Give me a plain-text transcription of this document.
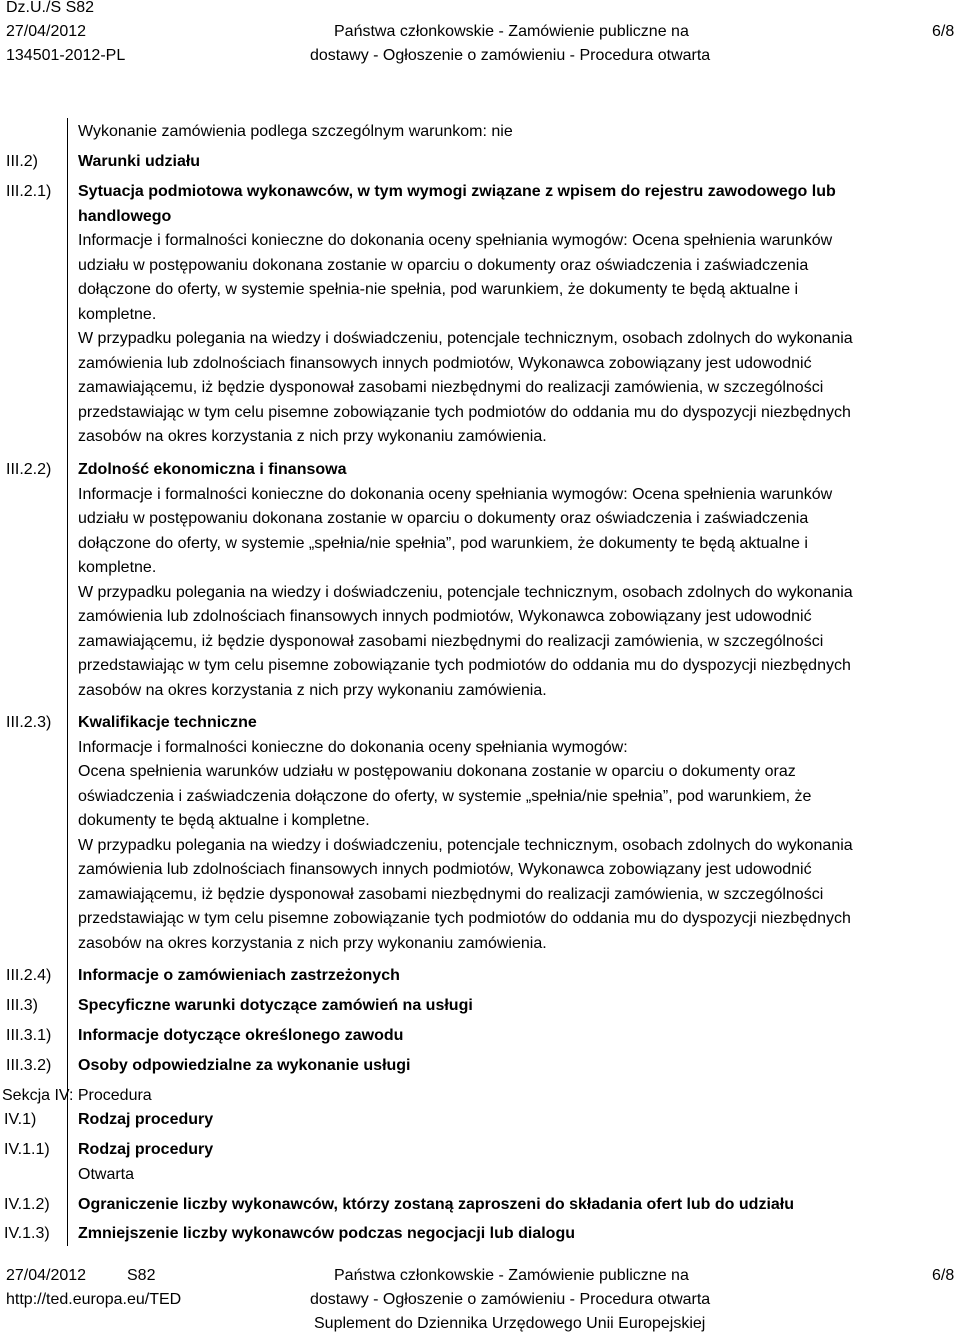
Dz.U./S S82
27/04/2012
134501-2012-PL
Państwa członkowskie - Zamówienie publiczne na
dostawy - Ogłoszenie o zamówieniu - Procedura otwarta
6/8
Wykonanie zamówienia podlega szczególnym warunkom: nie
III.2)	Warunki udziału
III.2.1)	Sytuacja podmiotowa wykonawców, w tym wymogi związane z wpisem do rejestru zawodowego lub

handlowego

Informacje i formalności konieczne do dokonania oceny spełniania wymogów: Ocena spełnienia warunków

udziału w postępowaniu dokonana zostanie w oparciu o dokumenty oraz oświadczenia i zaświadczenia

dołączone do oferty, w systemie spełnia-nie spełnia, pod warunkiem, że dokumenty te będą aktualne i

kompletne.

W przypadku polegania na wiedzy i doświadczeniu, potencjale technicznym, osobach zdolnych do wykonania

zamówienia lub zdolnościach finansowych innych podmiotów, Wykonawca zobowiązany jest udowodnić

zamawiającemu, iż będzie dysponował zasobami niezbędnymi do realizacji zamówienia, w szczególności

przedstawiając w tym celu pisemne zobowiązanie tych podmiotów do oddania mu do dyspozycji niezbędnych

zasobów na okres korzystania z nich przy wykonaniu zamówienia.

III.2.2)	Zdolność ekonomiczna i finansowa

Informacje i formalności konieczne do dokonania oceny spełniania wymogów: Ocena spełnienia warunków

udziału w postępowaniu dokonana zostanie w oparciu o dokumenty oraz oświadczenia i zaświadczenia

dołączone do oferty, w systemie „spełnia/nie spełnia”, pod warunkiem, że dokumenty te będą aktualne i

kompletne.

W przypadku polegania na wiedzy i doświadczeniu, potencjale technicznym, osobach zdolnych do wykonania

zamówienia lub zdolnościach finansowych innych podmiotów, Wykonawca zobowiązany jest udowodnić

zamawiającemu, iż będzie dysponował zasobami niezbędnymi do realizacji zamówienia, w szczególności

przedstawiając w tym celu pisemne zobowiązanie tych podmiotów do oddania mu do dyspozycji niezbędnych

zasobów na okres korzystania z nich przy wykonaniu zamówienia.

III.2.3)	Kwalifikacje techniczne

Informacje i formalności konieczne do dokonania oceny spełniania wymogów:

Ocena spełnienia warunków udziału w postępowaniu dokonana zostanie w oparciu o dokumenty oraz

oświadczenia i zaświadczenia dołączone do oferty, w systemie „spełnia/nie spełnia”, pod warunkiem, że

dokumenty te będą aktualne i kompletne.

W przypadku polegania na wiedzy i doświadczeniu, potencjale technicznym, osobach zdolnych do wykonania

zamówienia lub zdolnościach finansowych innych podmiotów, Wykonawca zobowiązany jest udowodnić

zamawiającemu, iż będzie dysponował zasobami niezbędnymi do realizacji zamówienia, w szczególności

przedstawiając w tym celu pisemne zobowiązanie tych podmiotów do oddania mu do dyspozycji niezbędnych

zasobów na okres korzystania z nich przy wykonaniu zamówienia.

III.2.4)	Informacje o zamówieniach zastrzeżonych
III.3)	Specyficzne warunki dotyczące zamówień na usługi
III.3.1)	Informacje dotyczące określonego zawodu
III.3.2)	Osoby odpowiedzialne za wykonanie usługi
Sekcja IV: Procedura
IV.1)	Rodzaj procedury
IV.1.1)	Rodzaj procedury

Otwarta

IV.1.2)	Ograniczenie liczby wykonawców, którzy zostaną zaproszeni do składania ofert lub do udziału
IV.1.3)	Zmniejszenie liczby wykonawców podczas negocjacji lub dialogu
27/04/2012	S82
http://ted.europa.eu/TED
Państwa członkowskie - Zamówienie publiczne na
dostawy - Ogłoszenie o zamówieniu - Procedura otwarta
Suplement do Dziennika Urzędowego Unii Europejskiej
6/8
